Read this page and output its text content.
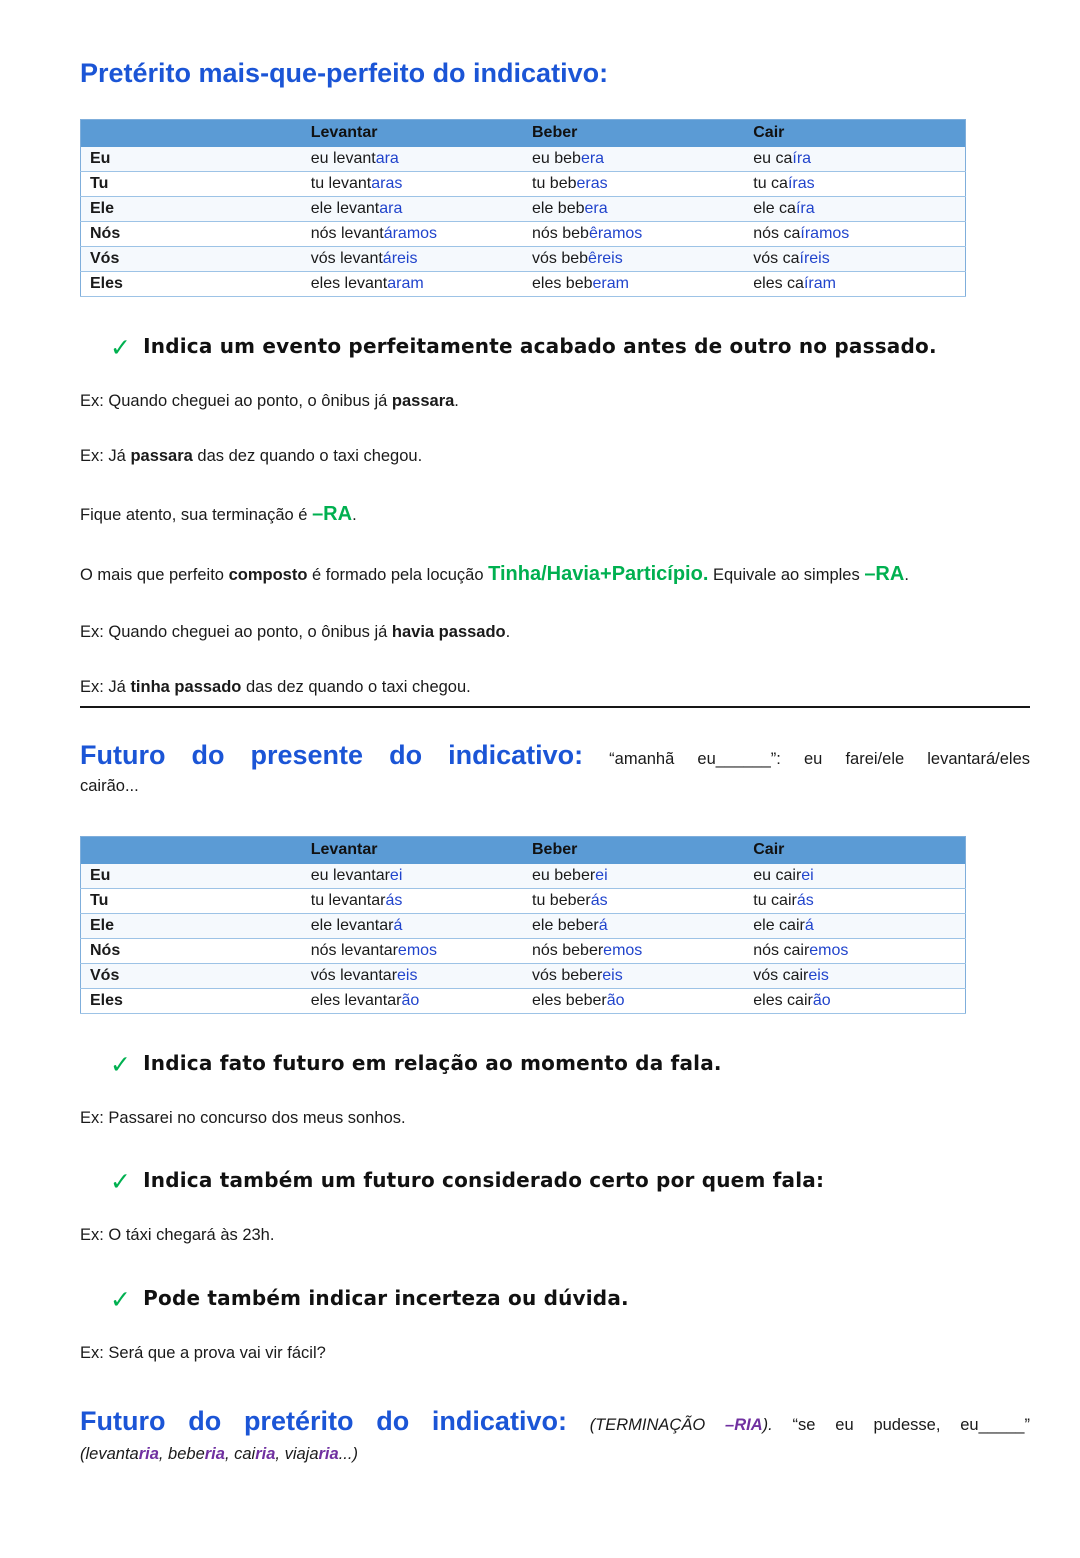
Pretérito mais-que-perfeito do indicativo:
	Levantar	Beber	Cair
Eu	eu levantara	eu bebera	eu caíra
Tu	tu levantaras	tu beberas	tu caíras
Ele	ele levantara	ele bebera	ele caíra
Nós	nós levantáramos	nós bebêramos	nós caíramos
Vós	vós levantáreis	vós bebêreis	vós caíreis
Eles	eles levantaram	eles beberam	eles caíram

✓ Indica um evento perfeitamente acabado antes de outro no passado.

Ex: Quando cheguei ao ponto, o ônibus já passara.

Ex: Já passara das dez quando o taxi chegou.

Fique atento, sua terminação é –RA.

O mais que perfeito composto é formado pela locução Tinha/Havia+Particípio. Equivale ao simples –RA.

Ex: Quando cheguei ao ponto, o ônibus já havia passado.

Ex: Já tinha passado das dez quando o taxi chegou.

Futuro do presente do indicativo: “amanhã eu______”: eu farei/ele levantará/eles

cairão...

	Levantar	Beber	Cair
Eu	eu levantarei	eu beberei	eu cairei
Tu	tu levantarás	tu beberás	tu cairás
Ele	ele levantará	ele beberá	ele cairá
Nós	nós levantaremos	nós beberemos	nós cairemos
Vós	vós levantareis	vós bebereis	vós caireis
Eles	eles levantarão	eles beberão	eles cairão

✓ Indica fato futuro em relação ao momento da fala.

Ex: Passarei no concurso dos meus sonhos.

✓ Indica também um futuro considerado certo por quem fala:

Ex: O táxi chegará às 23h.

✓ Pode também indicar incerteza ou dúvida.

Ex: Será que a prova vai vir fácil?

Futuro do pretérito do indicativo: (TERMINAÇÃO –RIA). “se eu pudesse, eu_____”

(levantaria, beberia, cairia, viajaria...)
